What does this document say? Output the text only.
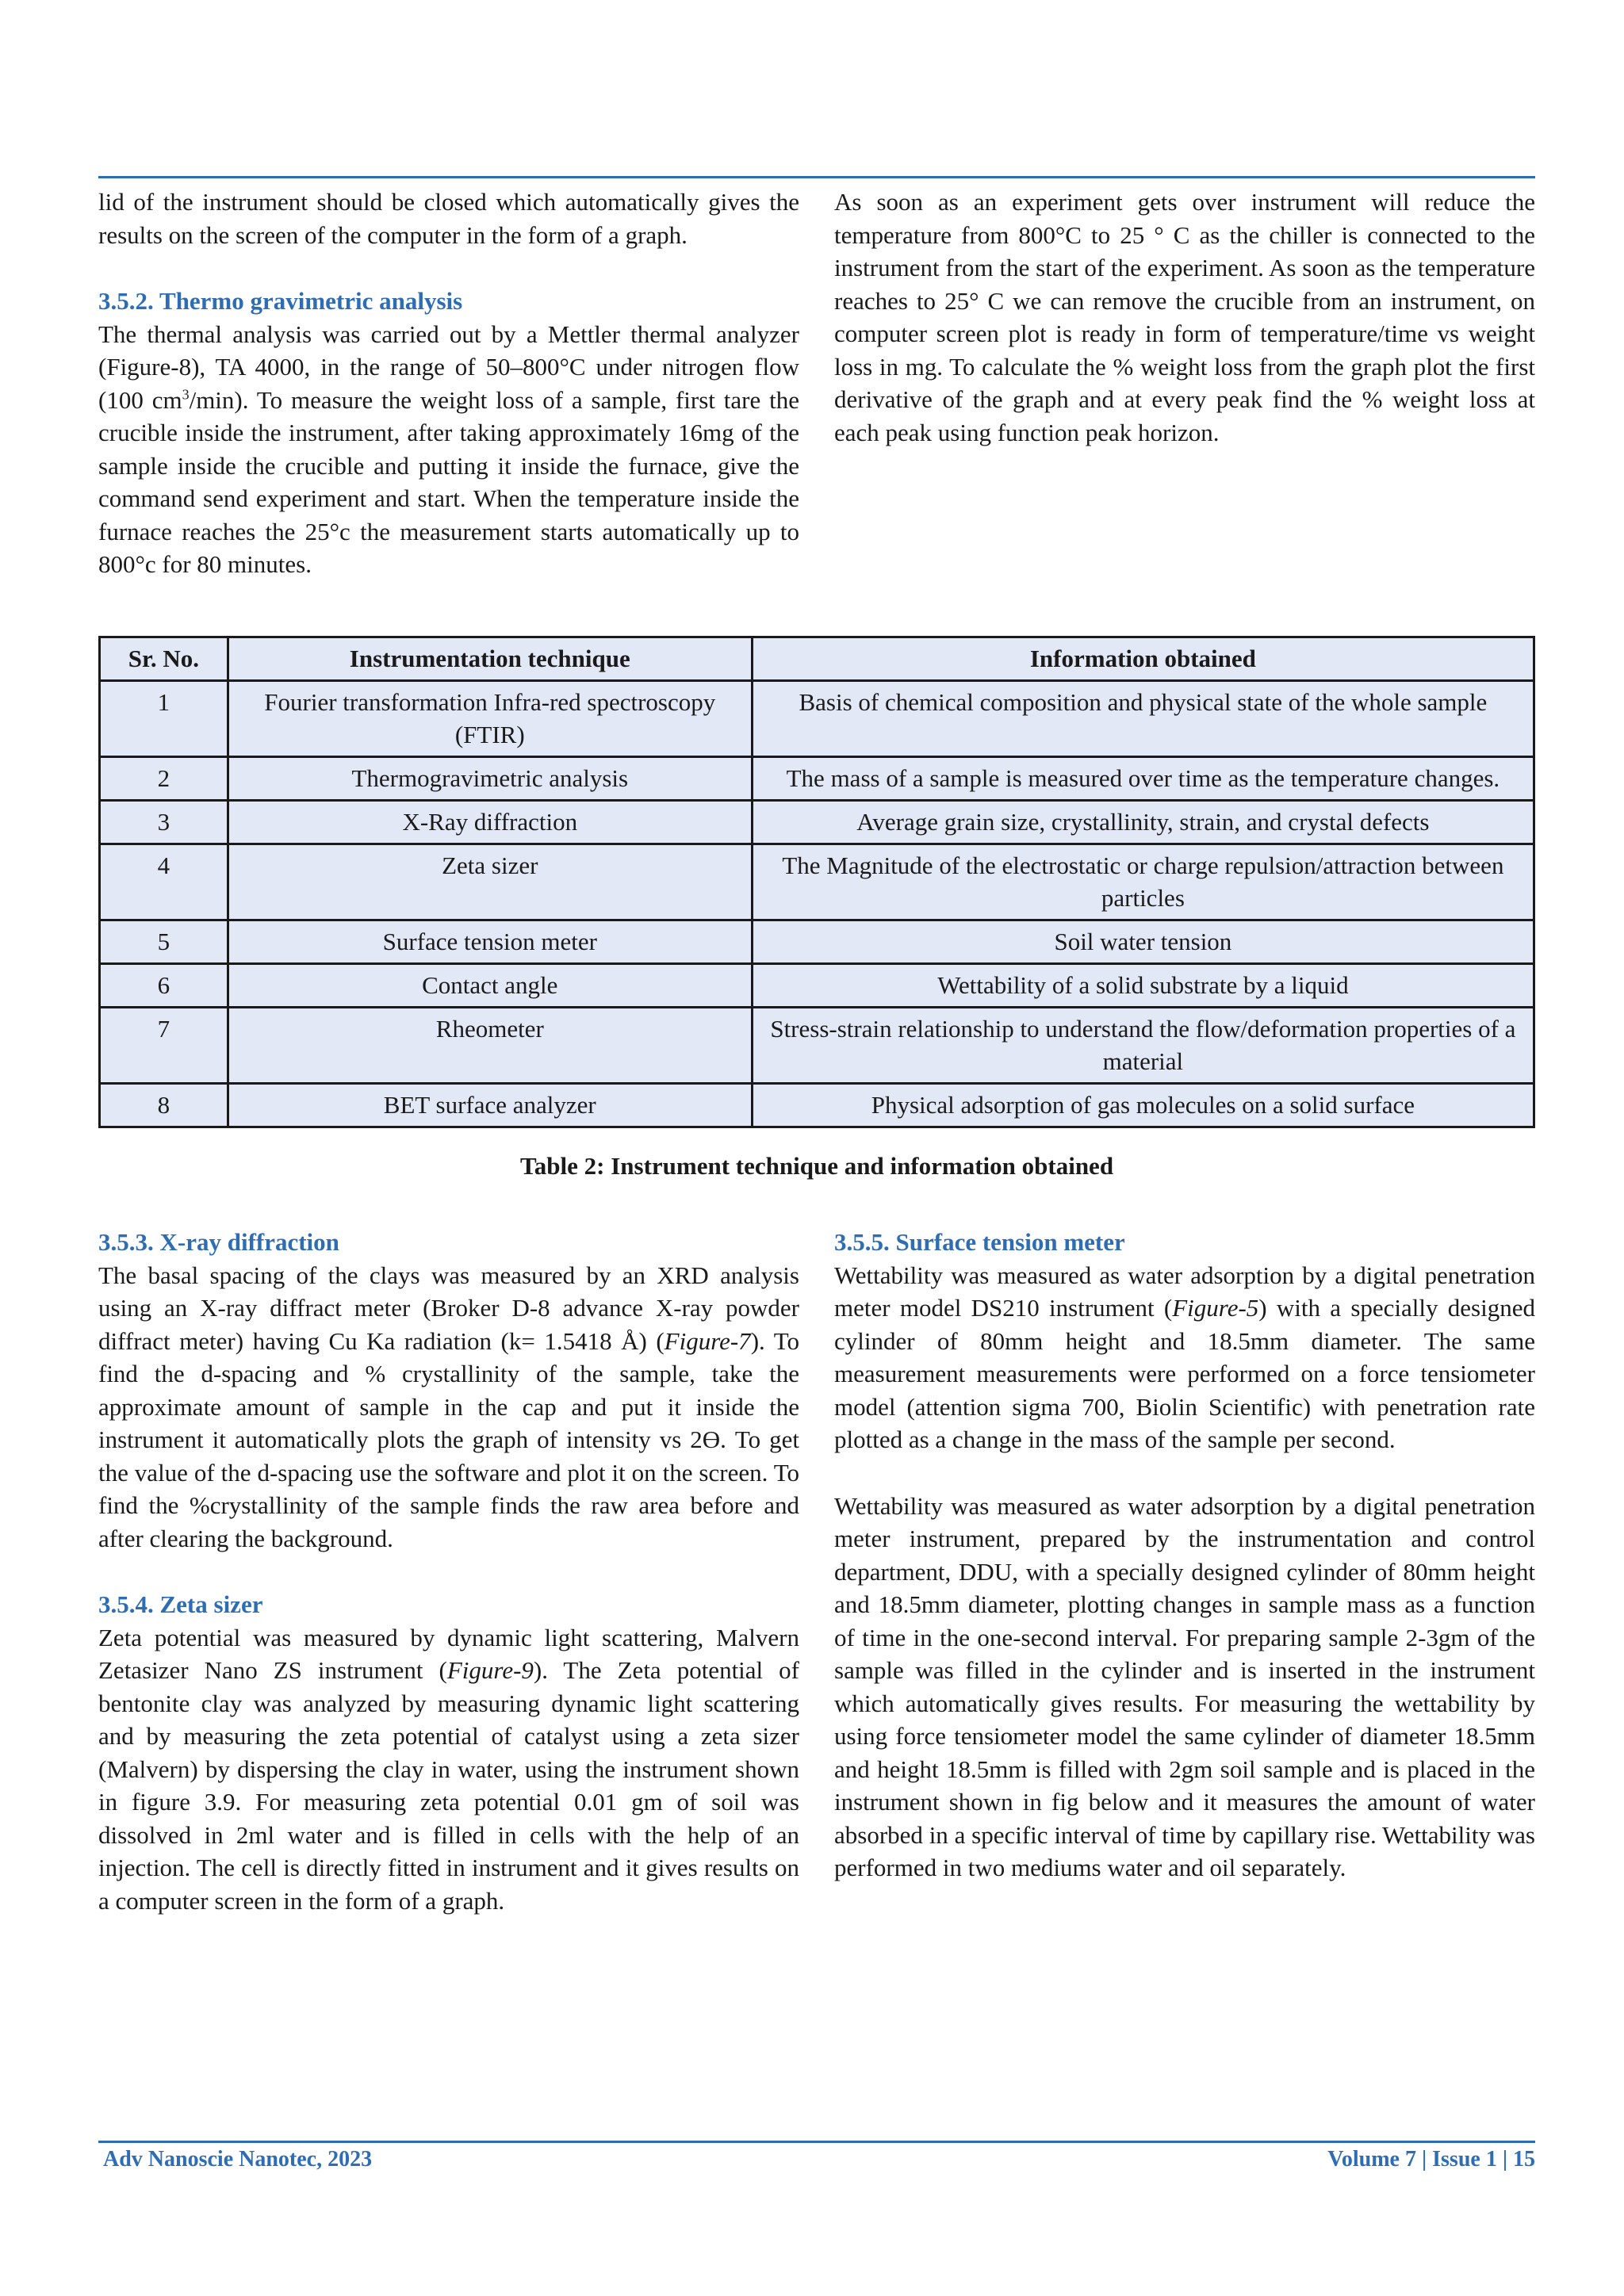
lid of the instrument should be closed which automatically gives the results on the screen of the computer in the form of a graph.

3.5.2. Thermo gravimetric analysis

The thermal analysis was carried out by a Mettler thermal analyzer (Figure-8), TA 4000, in the range of 50–800°C under nitrogen flow (100 $cm^3/\min$). To measure the weight loss of a sample, first tare the crucible inside the instrument, after taking approximately 16mg of the sample inside the crucible and putting it inside the furnace, give the command send experiment and start. When the temperature inside the furnace reaches the 25°c the measurement starts automatically up to 800°c for 80 minutes.

As soon as an experiment gets over instrument will reduce the temperature from 800°C to 25 ° C as the chiller is connected to the instrument from the start of the experiment. As soon as the temperature reaches to 25° C we can remove the crucible from an instrument, on computer screen plot is ready in form of temperature/time vs weight loss in mg. To calculate the % weight loss from the graph plot the first derivative of the graph and at every peak find the % weight loss at each peak using function peak horizon.

Sr. No.	Instrumentation technique	Information obtained
1	Fourier transformation Infra-red spectroscopy (FTIR)	Basis of chemical composition and physical state of the whole sample
2	Thermogravimetric analysis	The mass of a sample is measured over time as the temperature changes.
3	X-Ray diffraction	Average grain size, crystallinity, strain, and crystal defects
4	Zeta sizer	The Magnitude of the electrostatic or charge repulsion/attraction between particles
5	Surface tension meter	Soil water tension
6	Contact angle	Wettability of a solid substrate by a liquid
7	Rheometer	Stress-strain relationship to understand the flow/deformation properties of a material
8	BET surface analyzer	Physical adsorption of gas molecules on a solid surface
Table 2: Instrument technique and information obtained

3.5.3. X-ray diffraction

The basal spacing of the clays was measured by an XRD analysis using an X-ray diffract meter (Broker D-8 advance X-ray powder diffract meter) having Cu Ka radiation (k= 1.5418 Å) (Figure-7). To find the d-spacing and % crystallinity of the sample, take the approximate amount of sample in the cap and put it inside the instrument it automatically plots the graph of intensity vs 2Ө. To get the value of the d-spacing use the software and plot it on the screen. To find the %crystallinity of the sample finds the raw area before and after clearing the background.

3.5.4. Zeta sizer

Zeta potential was measured by dynamic light scattering, Malvern Zetasizer Nano ZS instrument (Figure-9). The Zeta potential of bentonite clay was analyzed by measuring dynamic light scattering and by measuring the zeta potential of catalyst using a zeta sizer (Malvern) by dispersing the clay in water, using the instrument shown in figure 3.9. For measuring zeta potential 0.01 gm of soil was dissolved in 2ml water and is filled in cells with the help of an injection. The cell is directly fitted in instrument and it gives results on a computer screen in the form of a graph.

3.5.5. Surface tension meter

Wettability was measured as water adsorption by a digital penetration meter model DS210 instrument (Figure-5) with a specially designed cylinder of 80mm height and 18.5mm diameter. The same measurement measurements were performed on a force tensiometer model (attention sigma 700, Biolin Scientific) with penetration rate plotted as a change in the mass of the sample per second.

Wettability was measured as water adsorption by a digital penetration meter instrument, prepared by the instrumentation and control department, DDU, with a specially designed cylinder of 80mm height and 18.5mm diameter, plotting changes in sample mass as a function of time in the one-second interval. For preparing sample 2-3gm of the sample was filled in the cylinder and is inserted in the instrument which automatically gives results. For measuring the wettability by using force tensiometer model the same cylinder of diameter 18.5mm and height 18.5mm is filled with 2gm soil sample and is placed in the instrument shown in fig below and it measures the amount of water absorbed in a specific interval of time by capillary rise. Wettability was performed in two mediums water and oil separately.

Adv Nanoscie Nanotec, 2023	Volume 7 | Issue 1 | 15
